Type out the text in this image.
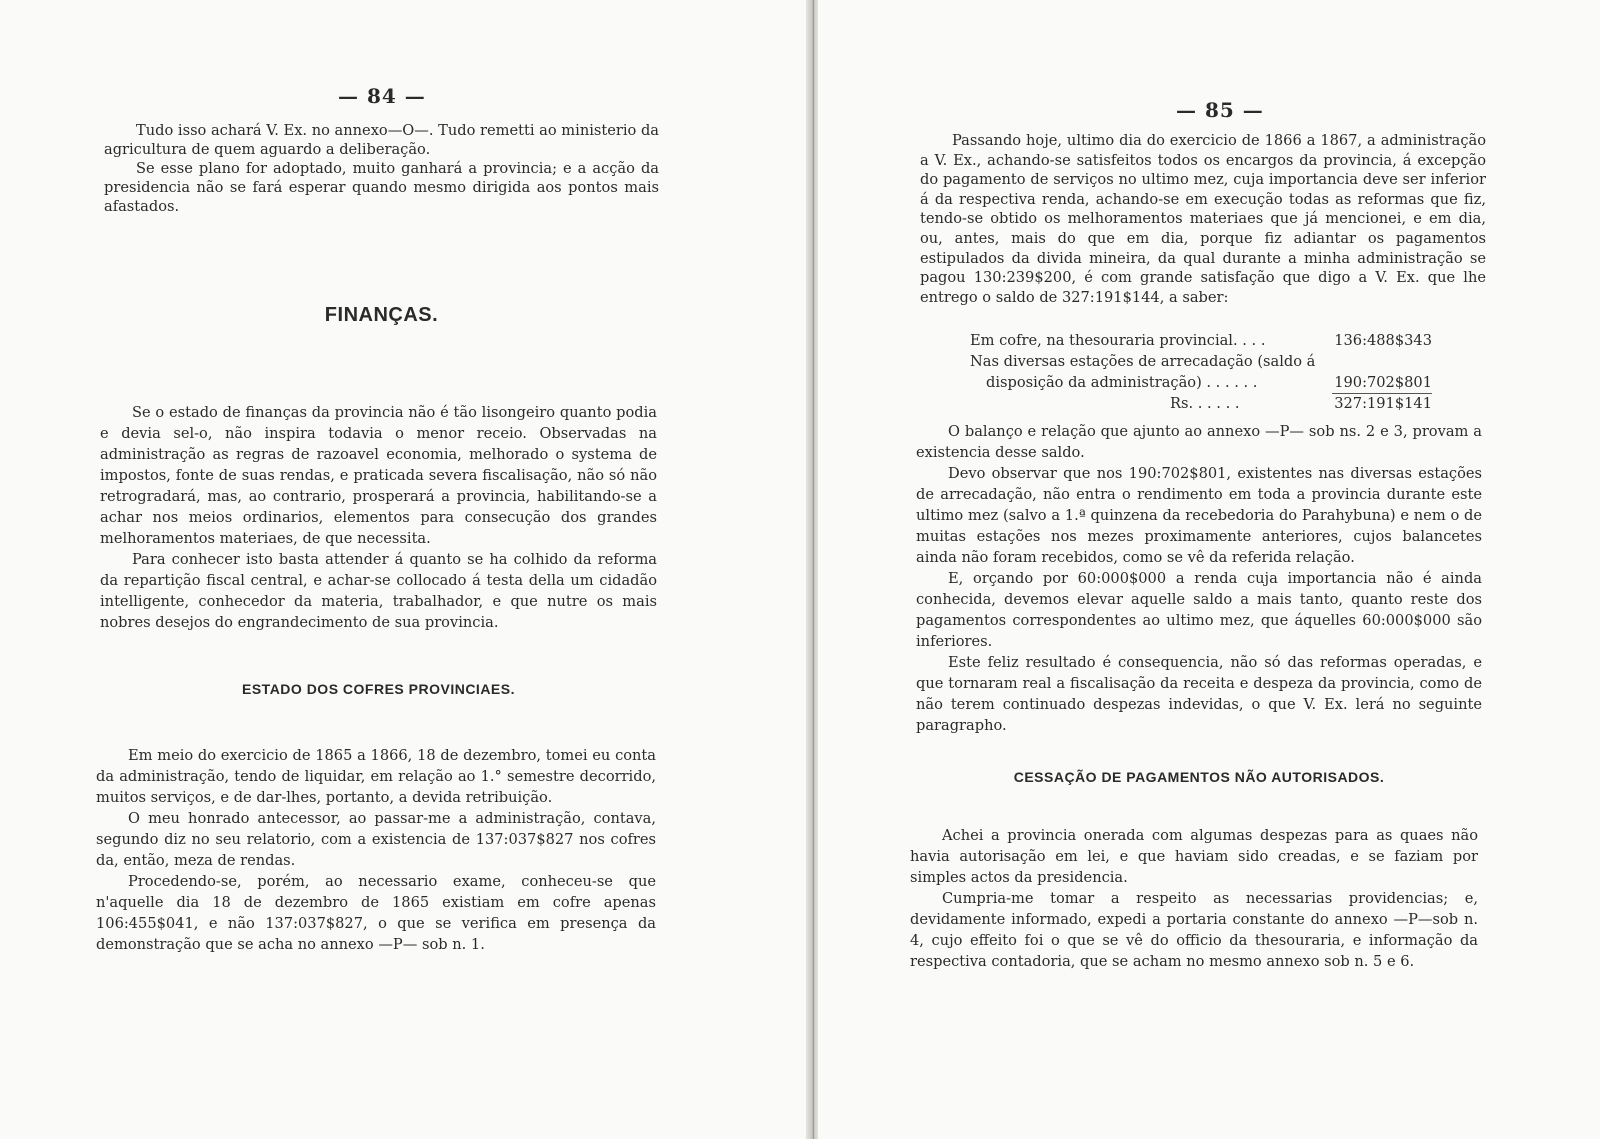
— 84 —

Tudo isso achará V. Ex. no annexo—O—. Tudo remetti ao ministerio da agricultura de quem aguardo a deliberação.

Se esse plano for adoptado, muito ganhará a provincia; e a acção da presidencia não se fará esperar quando mesmo dirigida aos pontos mais afastados.

FINANÇAS.

Se o estado de finanças da provincia não é tão lisongeiro quanto podia e devia sel-o, não inspira todavia o menor receio. Observadas na administração as regras de razoavel economia, melhorado o systema de impostos, fonte de suas rendas, e praticada severa fiscalisação, não só não retrogradará, mas, ao contrario, prosperará a provincia, habilitando-se a achar nos meios ordinarios, elementos para consecução dos grandes melhoramentos materiaes, de que necessita.

Para conhecer isto basta attender á quanto se ha colhido da reforma da repartição fiscal central, e achar-se collocado á testa della um cidadão intelligente, conhecedor da materia, trabalhador, e que nutre os mais nobres desejos do engrandecimento de sua provincia.

ESTADO DOS COFRES PROVINCIAES.

Em meio do exercicio de 1865 a 1866, 18 de dezembro, tomei eu conta da administração, tendo de liquidar, em relação ao 1.° semestre decorrido, muitos serviços, e de dar-lhes, portanto, a devida retribuição.

O meu honrado antecessor, ao passar-me a administração, contava, segundo diz no seu relatorio, com a existencia de 137:037$827 nos cofres da, então, meza de rendas.

Procedendo-se, porém, ao necessario exame, conheceu-se que n'aquelle dia 18 de dezembro de 1865 existiam em cofre apenas 106:455$041, e não 137:037$827, o que se verifica em presença da demonstração que se acha no annexo —P— sob n. 1.

— 85 —

Passando hoje, ultimo dia do exercicio de 1866 a 1867, a administração a V. Ex., achando-se satisfeitos todos os encargos da provincia, á excepção do pagamento de serviços no ultimo mez, cuja importancia deve ser inferior á da respectiva renda, achando-se em execução todas as reformas que fiz, tendo-se obtido os melhoramentos materiaes que já mencionei, e em dia, ou, antes, mais do que em dia, porque fiz adiantar os pagamentos estipulados da divida mineira, da qual durante a minha administração se pagou 130:239$200, é com grande satisfação que digo a V. Ex. que lhe entrego o saldo de 327:191$144, a saber:

Em cofre, na thesouraria provincial. . . .	136:488$343
Nas diversas estações de arrecadação (saldo á
disposição da administração) . . . . . .	190:702$801
Rs. . . . . .	327:191$141

O balanço e relação que ajunto ao annexo —P— sob ns. 2 e 3, provam a existencia desse saldo.

Devo observar que nos 190:702$801, existentes nas diversas estações de arrecadação, não entra o rendimento em toda a provincia durante este ultimo mez (salvo a 1.ª quinzena da recebedoria do Parahybuna) e nem o de muitas estações nos mezes proximamente anteriores, cujos balancetes ainda não foram recebidos, como se vê da referida relação.

E, orçando por 60:000$000 a renda cuja importancia não é ainda conhecida, devemos elevar aquelle saldo a mais tanto, quanto reste dos pagamentos correspondentes ao ultimo mez, que áquelles 60:000$000 são inferiores.

Este feliz resultado é consequencia, não só das reformas operadas, e que tornaram real a fiscalisação da receita e despeza da provincia, como de não terem continuado despezas indevidas, o que V. Ex. lerá no seguinte paragrapho.

CESSAÇÃO DE PAGAMENTOS NÃO AUTORISADOS.

Achei a provincia onerada com algumas despezas para as quaes não havia autorisação em lei, e que haviam sido creadas, e se faziam por simples actos da presidencia.

Cumpria-me tomar a respeito as necessarias providencias; e, devidamente informado, expedi a portaria constante do annexo —P—sob n. 4, cujo effeito foi o que se vê do officio da thesouraria, e informação da respectiva contadoria, que se acham no mesmo annexo sob n. 5 e 6.
